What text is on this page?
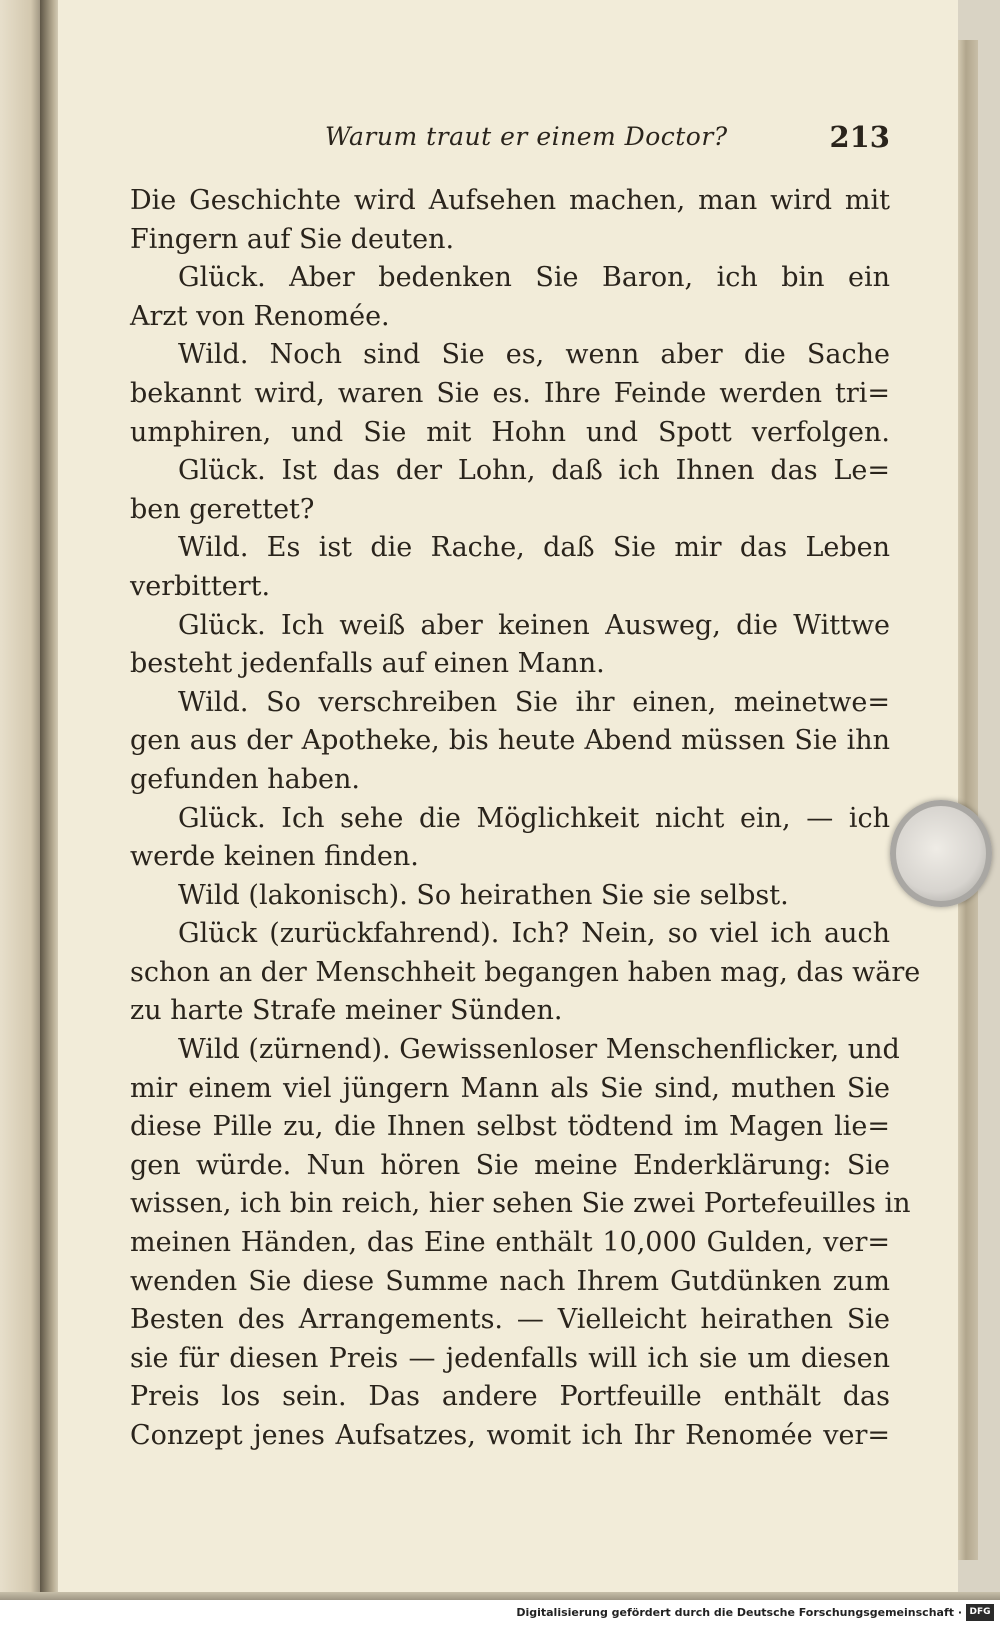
Warum traut er einem Doctor?	213
Die Geschichte wird Aufsehen machen, man wird mit
Fingern auf Sie deuten.
Glück. Aber bedenken Sie Baron, ich bin ein
Arzt von Renomée.
Wild. Noch sind Sie es, wenn aber die Sache
bekannt wird, waren Sie es. Ihre Feinde werden tri=
umphiren, und Sie mit Hohn und Spott verfolgen.
Glück. Ist das der Lohn, daß ich Ihnen das Le=
ben gerettet?
Wild. Es ist die Rache, daß Sie mir das Leben
verbittert.
Glück. Ich weiß aber keinen Ausweg, die Wittwe
besteht jedenfalls auf einen Mann.
Wild. So verschreiben Sie ihr einen, meinetwe=
gen aus der Apotheke, bis heute Abend müssen Sie ihn
gefunden haben.
Glück. Ich sehe die Möglichkeit nicht ein, — ich
werde keinen finden.
Wild (lakonisch). So heirathen Sie sie selbst.
Glück (zurückfahrend). Ich? Nein, so viel ich auch
schon an der Menschheit begangen haben mag, das wäre
zu harte Strafe meiner Sünden.
Wild (zürnend). Gewissenloser Menschenflicker, und
mir einem viel jüngern Mann als Sie sind, muthen Sie
diese Pille zu, die Ihnen selbst tödtend im Magen lie=
gen würde. Nun hören Sie meine Enderklärung: Sie
wissen, ich bin reich, hier sehen Sie zwei Portefeuilles in
meinen Händen, das Eine enthält 10,000 Gulden, ver=
wenden Sie diese Summe nach Ihrem Gutdünken zum
Besten des Arrangements. — Vielleicht heirathen Sie
sie für diesen Preis — jedenfalls will ich sie um diesen
Preis los sein. Das andere Portfeuille enthält das
Conzept jenes Aufsatzes, womit ich Ihr Renomée ver=
Digitalisierung gefördert durch die Deutsche Forschungsgemeinschaft · DFG
